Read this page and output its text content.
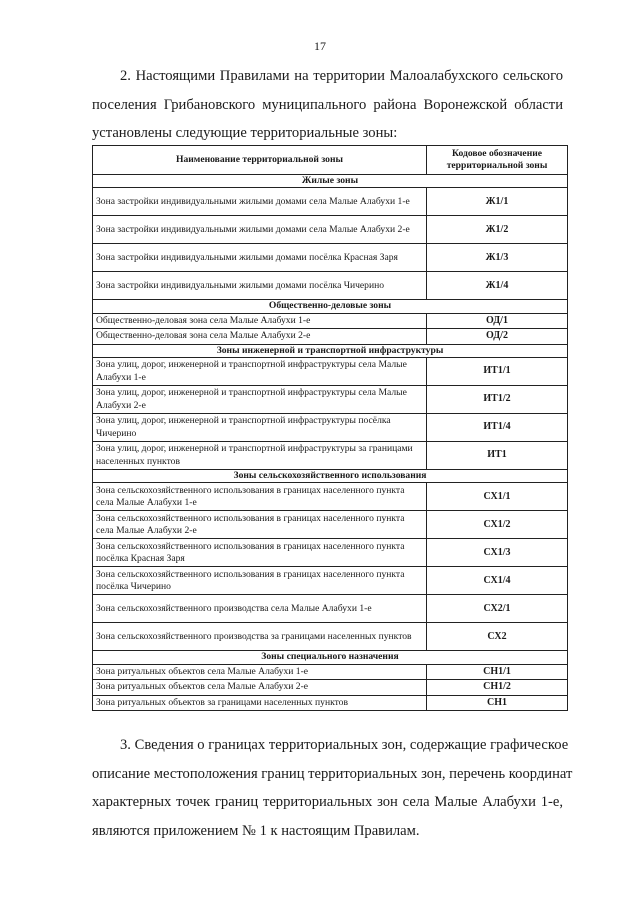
17

2. Настоящими Правилами на территории Малоалабухского сельского
поселения Грибановского муниципального района Воронежской области
установлены следующие территориальные зоны:

Наименование территориальной зоны	Кодовое обозначение территориальной зоны
Жилые зоны	
Зона застройки индивидуальными жилыми домами села Малые Алабухи 1-е	Ж1/1
Зона застройки индивидуальными жилыми домами села Малые Алабухи 2-е	Ж1/2
Зона застройки индивидуальными жилыми домами посёлка Красная Заря	Ж1/3
Зона застройки индивидуальными жилыми домами посёлка Чичерино	Ж1/4
Общественно-деловые зоны	
Общественно-деловая зона села Малые Алабухи 1-е	ОД/1
Общественно-деловая зона села Малые Алабухи 2-е	ОД/2
Зоны инженерной и транспортной инфраструктуры	
Зона улиц, дорог, инженерной и транспортной инфраструктуры села Малые Алабухи 1-е	ИТ1/1
Зона улиц, дорог, инженерной и транспортной инфраструктуры села Малые Алабухи 2-е	ИТ1/2
Зона улиц, дорог, инженерной и транспортной инфраструктуры посёлка Чичерино	ИТ1/4
Зона улиц, дорог, инженерной и транспортной инфраструктуры за границами населенных пунктов	ИТ1
Зоны сельскохозяйственного использования	
Зона сельскохозяйственного использования в границах населенного пункта села Малые Алабухи 1-е	СХ1/1
Зона сельскохозяйственного использования в границах населенного пункта села Малые Алабухи 2-е	СХ1/2
Зона сельскохозяйственного использования в границах населенного пункта посёлка Красная Заря	СХ1/3
Зона сельскохозяйственного использования в границах населенного пункта посёлка Чичерино	СХ1/4
Зона сельскохозяйственного производства села Малые Алабухи 1-е	СХ2/1
Зона сельскохозяйственного производства за границами населенных пунктов	СХ2
Зоны специального назначения	
Зона ритуальных объектов села Малые Алабухи 1-е	СН1/1
Зона ритуальных объектов села Малые Алабухи 2-е	СН1/2
Зона ритуальных объектов за границами населенных пунктов	СН1

3. Сведения о границах территориальных зон, содержащие графическое
описание местоположения границ территориальных зон, перечень координат
характерных точек границ территориальных зон села Малые Алабухи 1-е,
являются приложением № 1 к настоящим Правилам.
